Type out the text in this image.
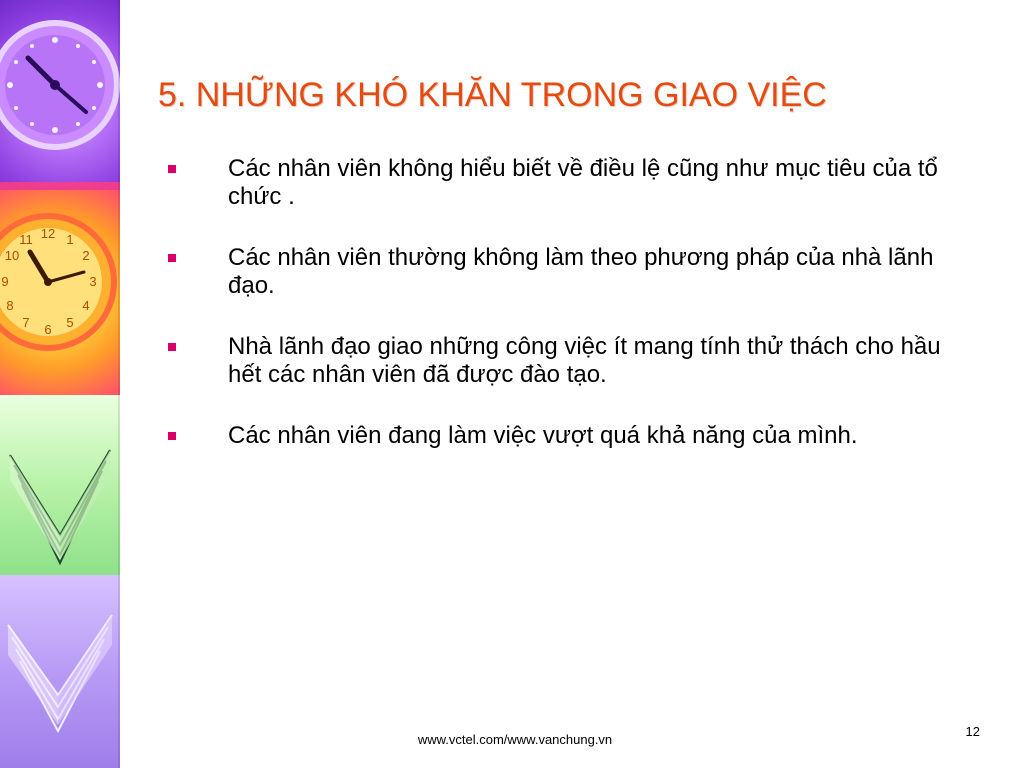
12 1
2
3
4
5
6
7
8
9
10
11
5. NHỮNG KHÓ KHĂN TRONG GIAO VIỆC
Các nhân viên không hiểu biết về điều lệ cũng như mục tiêu của tổ chức .
Các nhân viên thường không làm theo phương pháp của nhà lãnh đạo.
Nhà lãnh đạo giao những công việc ít mang tính thử thách cho hầu hết các nhân viên đã được đào tạo.
Các nhân viên đang làm việc vượt quá khả năng của mình.
www.vctel.com/www.vanchung.vn
12
